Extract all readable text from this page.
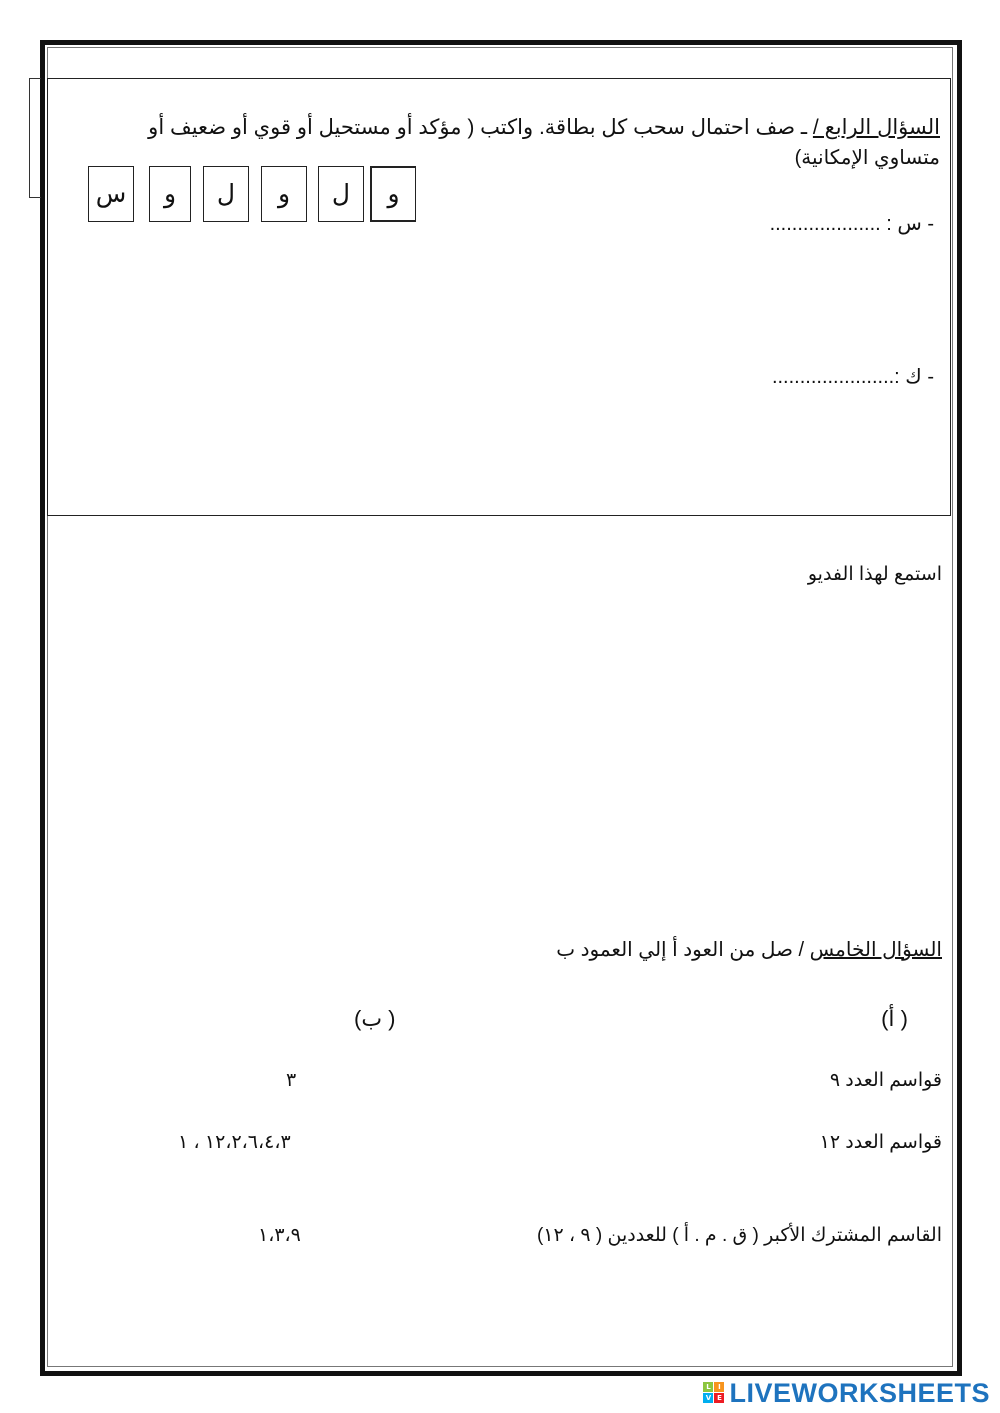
السؤال الرابع / ـ صف احتمال سحب كل بطاقة. واكتب ( مؤكد أو مستحيل أو قوي أو ضعيف أو
متساوي الإمكانية)
و
ل
و
ل
و
س
- س : ....................
- ك :......................
استمع لهذا الفديو
السؤال الخامس / صل من العود أ إلي العمود ب
( أ)
( ب)
قواسم العدد ٩
٣
قواسم العدد ١٢
١٢،٢،٦،٤،٣ ، ١
القاسم المشترك الأكبر ( ق . م . أ ) للعددين ( ٩ ، ١٢)
١،٣،٩
L	I
V E LIVEWORKSHEETS
